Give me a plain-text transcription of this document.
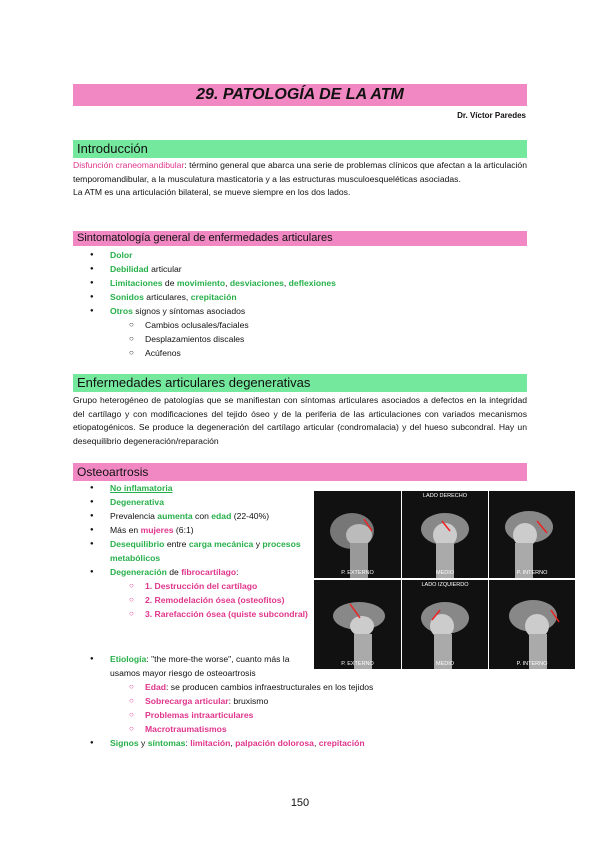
29. PATOLOGÍA DE LA ATM
Dr. Víctor Paredes
Introducción
Disfunción craneomandibular: término general que abarca una serie de problemas clínicos que afectan a la articulación temporomandibular, a la musculatura masticatoria y a las estructuras musculoesqueléticas asociadas.
La ATM es una articulación bilateral, se mueve siempre en los dos lados.
Sintomatología general de enfermedades articulares
● Dolor
● Debilidad articular
● Limitaciones de movimiento, desviaciones, deflexiones
● Sonidos articulares, crepitación
● Otros signos y síntomas asociados
○ Cambios oclusales/faciales
○ Desplazamientos discales
○ Acúfenos
Enfermedades articulares degenerativas
Grupo heterogéneo de patologías que se manifiestan con síntomas articulares asociados a defectos en la integridad del cartílago y con modificaciones del tejido óseo y de la periferia de las articulaciones con variados mecanismos etiopatogénicos. Se produce la degeneración del cartílago articular (condromalacia) y del hueso subcondral. Hay un desequilibrio degeneración/reparación
Osteoartrosis
● No inflamatoria
● Degenerativa
● Prevalencia aumenta con edad (22-40%)
● Más en mujeres (6:1)
● Desequilibrio entre carga mecánica y procesos metabólicos
● Degeneración de fibrocartílago:
○ 1. Destrucción del cartílago
○ 2. Remodelación ósea (osteofitos)
○ 3. Rarefacción ósea (quiste subcondral)
● Etiología: "the more-the worse", cuanto más la usamos mayor riesgo de osteoartrosis
○ Edad: se producen cambios infraestructurales en los tejidos
○ Sobrecarga articular: bruxismo
○ Problemas intraarticulares
○ Macrotraumatismos
● Signos y síntomas: limitación, palpación dolorosa, crepitación
P. EXTERNO
LADO DERECHO
MEDIO	P. INTERNO
P. EXTERNO
LADO IZQUIERDO
MEDIO	P. INTERNO
150
